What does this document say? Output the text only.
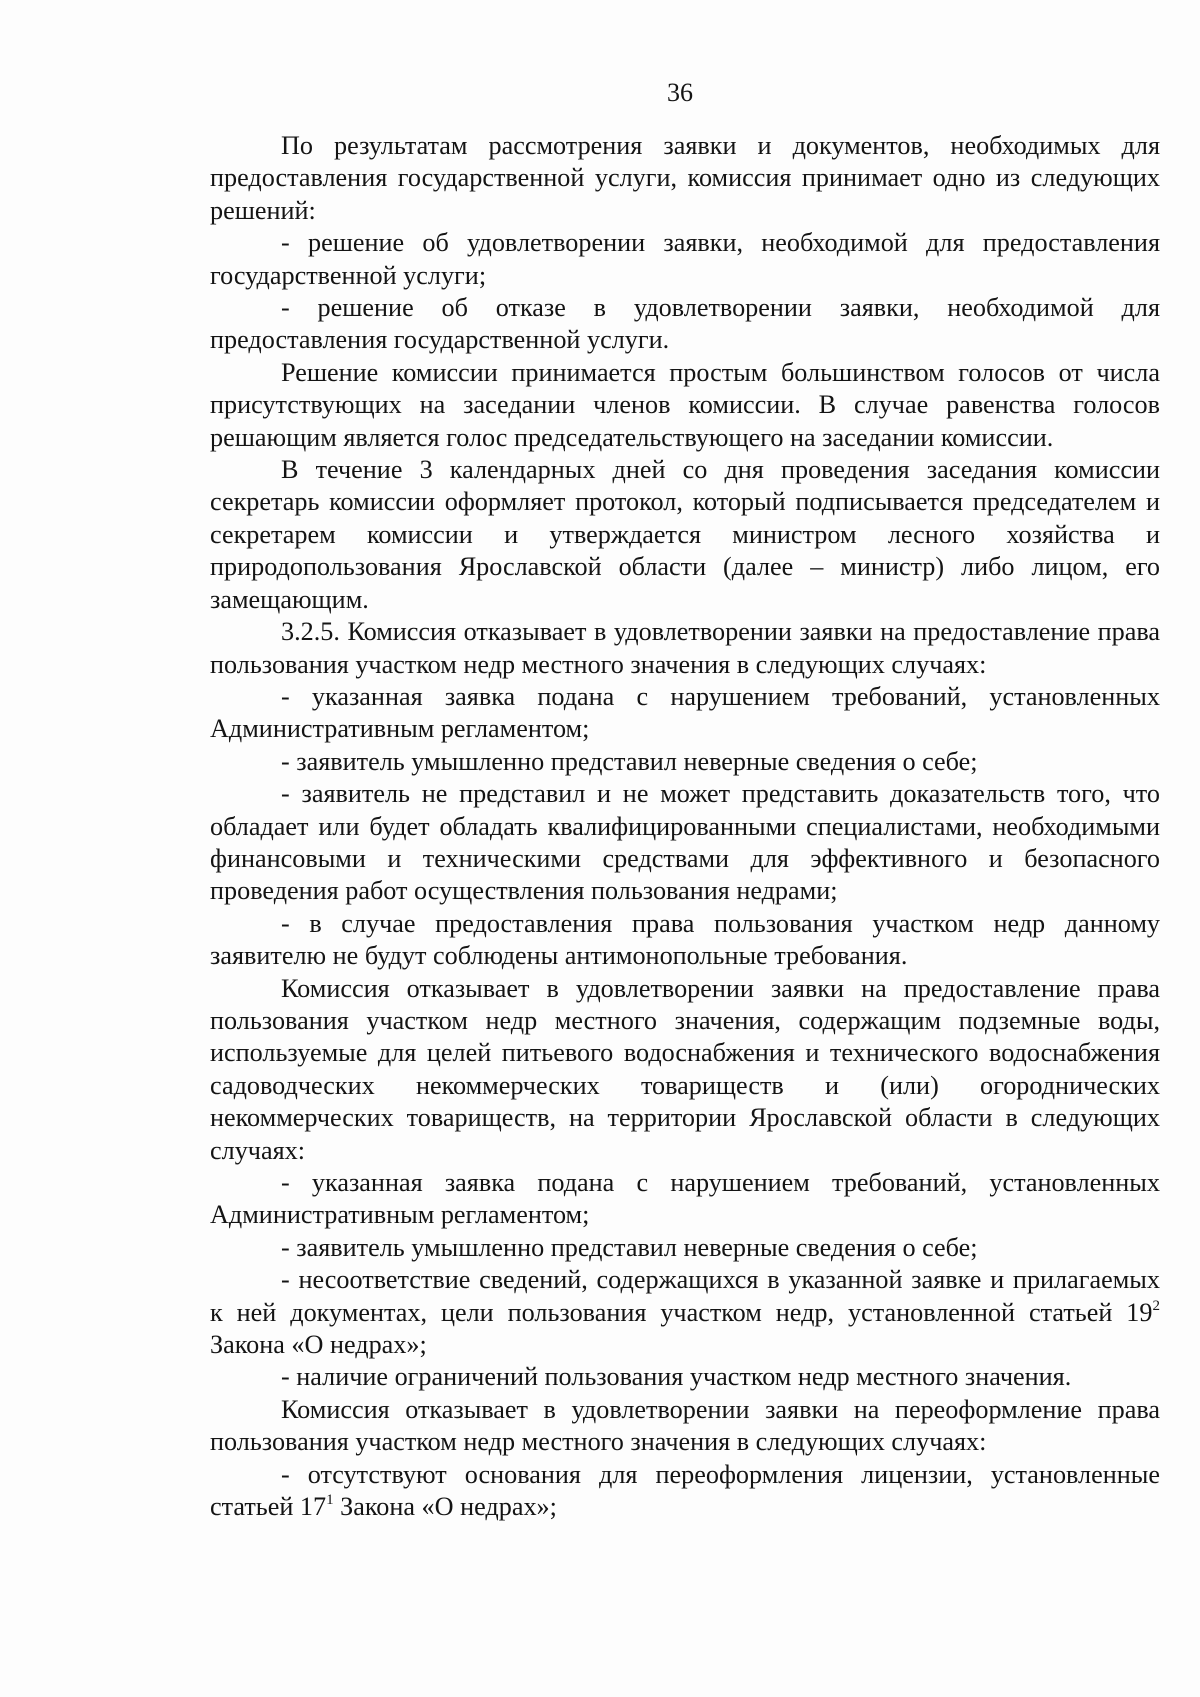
36

По результатам рассмотрения заявки и документов, необходимых для предоставления государственной услуги, комиссия принимает одно из следующих решений:

- решение об удовлетворении заявки, необходимой для предоставления государственной услуги;

- решение об отказе в удовлетворении заявки, необходимой для предоставления государственной услуги.

Решение комиссии принимается простым большинством голосов от числа присутствующих на заседании членов комиссии. В случае равенства голосов решающим является голос председательствующего на заседании комиссии.

В течение 3 календарных дней со дня проведения заседания комиссии секретарь комиссии оформляет протокол, который подписывается председателем и секретарем комиссии и утверждается министром лесного хозяйства и природопользования Ярославской области (далее – министр) либо лицом, его замещающим.

3.2.5. Комиссия отказывает в удовлетворении заявки на предоставление права пользования участком недр местного значения в следующих случаях:

- указанная заявка подана с нарушением требований, установленных Административным регламентом;

- заявитель умышленно представил неверные сведения о себе;

- заявитель не представил и не может представить доказательств того, что обладает или будет обладать квалифицированными специалистами, необходимыми финансовыми и техническими средствами для эффективного и безопасного проведения работ осуществления пользования недрами;

- в случае предоставления права пользования участком недр данному заявителю не будут соблюдены антимонопольные требования.

Комиссия отказывает в удовлетворении заявки на предоставление права пользования участком недр местного значения, содержащим подземные воды, используемые для целей питьевого водоснабжения и технического водоснабжения садоводческих некоммерческих товариществ и (или) огороднических некоммерческих товариществ, на территории Ярославской области в следующих случаях:

- указанная заявка подана с нарушением требований, установленных Административным регламентом;

- заявитель умышленно представил неверные сведения о себе;

- несоответствие сведений, содержащихся в указанной заявке и прилагаемых к ней документах, цели пользования участком недр, установленной статьей $19^2$ Закона «О недрах»;

- наличие ограничений пользования участком недр местного значения.

Комиссия отказывает в удовлетворении заявки на переоформление права пользования участком недр местного значения в следующих случаях:

- отсутствуют основания для переоформления лицензии, установленные статьей $17^1$ Закона «О недрах»;
